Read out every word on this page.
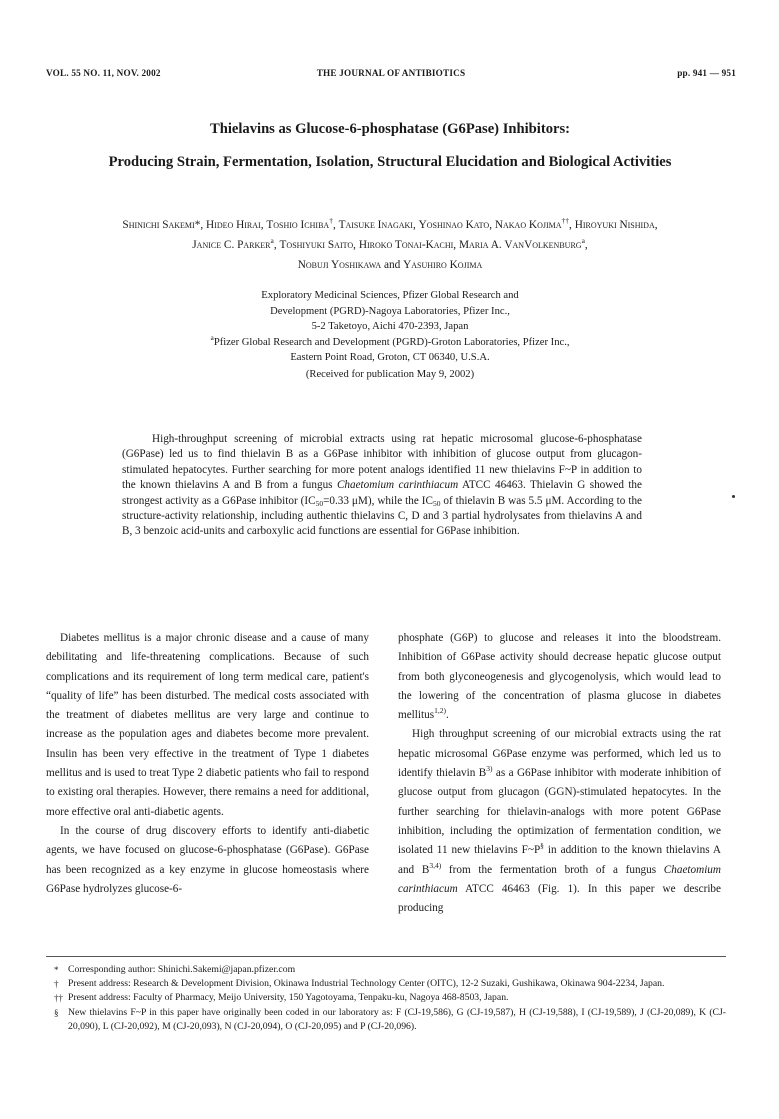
VOL. 55 NO. 11, NOV. 2002	THE JOURNAL OF ANTIBIOTICS	pp. 941 — 951
Thielavins as Glucose-6-phosphatase (G6Pase) Inhibitors:
Producing Strain, Fermentation, Isolation, Structural Elucidation and Biological Activities
Shinichi Sakemi*, Hideo Hirai, Toshio Ichiba†, Taisuke Inagaki, Yoshinao Kato, Nakao Kojima††, Hiroyuki Nishida,
Janice C. Parker$^a$, Toshiyuki Saito, Hiroko Tonai-Kachi, Maria A. VanVolkenburg$^a$,
Nobuji Yoshikawa and Yasuhiro Kojima
Exploratory Medicinal Sciences, Pfizer Global Research and
Development (PGRD)-Nagoya Laboratories, Pfizer Inc.,
5-2 Taketoyo, Aichi 470-2393, Japan
$^a$Pfizer Global Research and Development (PGRD)-Groton Laboratories, Pfizer Inc.,
Eastern Point Road, Groton, CT 06340, U.S.A.
(Received for publication May 9, 2002)

High-throughput screening of microbial extracts using rat hepatic microsomal glucose-6-phosphatase (G6Pase) led us to find thielavin B as a G6Pase inhibitor with inhibition of glucose output from glucagon-stimulated hepatocytes. Further searching for more potent analogs identified 11 new thielavins F~P in addition to the known thielavins A and B from a fungus Chaetomium carinthiacum ATCC 46463. Thielavin G showed the strongest activity as a G6Pase inhibitor ($IC_{50}=0.33$ μM), while the $IC_{50}$ of thielavin B was 5.5 μM. According to the structure-activity relationship, including authentic thielavins C, D and 3 partial hydrolysates from thielavins A and B, 3 benzoic acid-units and carboxylic acid functions are essential for G6Pase inhibition.

Diabetes mellitus is a major chronic disease and a cause of many debilitating and life-threatening complications. Because of such complications and its requirement of long term medical care, patient's “quality of life” has been disturbed. The medical costs associated with the treatment of diabetes mellitus are very large and continue to increase as the population ages and diabetes become more prevalent. Insulin has been very effective in the treatment of Type 1 diabetes mellitus and is used to treat Type 2 diabetic patients who fail to respond to existing oral therapies. However, there remains a need for additional, more effective oral anti-diabetic agents.

In the course of drug discovery efforts to identify anti-diabetic agents, we have focused on glucose-6-phosphatase (G6Pase). G6Pase has been recognized as a key enzyme in glucose homeostasis where G6Pase hydrolyzes glucose-6-

phosphate (G6P) to glucose and releases it into the bloodstream. Inhibition of G6Pase activity should decrease hepatic glucose output from both glyconeogenesis and glycogenolysis, which would lead to the lowering of the concentration of plasma glucose in diabetes mellitus$^{1,2)}$.

High throughput screening of our microbial extracts using the rat hepatic microsomal G6Pase enzyme was performed, which led us to identify thielavin $B^{3)}$ as a G6Pase inhibitor with moderate inhibition of glucose output from glucagon (GGN)-stimulated hepatocytes. In the further searching for thielavin-analogs with more potent G6Pase inhibition, including the optimization of fermentation condition, we isolated 11 new thielavins F~P§ in addition to the known thielavins A and B$^{3,4)}$ from the fermentation broth of a fungus Chaetomium carinthiacum ATCC 46463 (Fig. 1). In this paper we describe producing

* Corresponding author: Shinichi.Sakemi@japan.pfizer.com
† Present address: Research & Development Division, Okinawa Industrial Technology Center (OITC), 12-2 Suzaki, Gushikawa, Okinawa 904-2234, Japan.
†† Present address: Faculty of Pharmacy, Meijo University, 150 Yagotoyama, Tenpaku-ku, Nagoya 468-8503, Japan.
§ New thielavins F~P in this paper have originally been coded in our laboratory as: F (CJ-19,586), G (CJ-19,587), H (CJ-19,588), I (CJ-19,589), J (CJ-20,089), K (CJ-20,090), L (CJ-20,092), M (CJ-20,093), N (CJ-20,094), O (CJ-20,095) and P (CJ-20,096).
